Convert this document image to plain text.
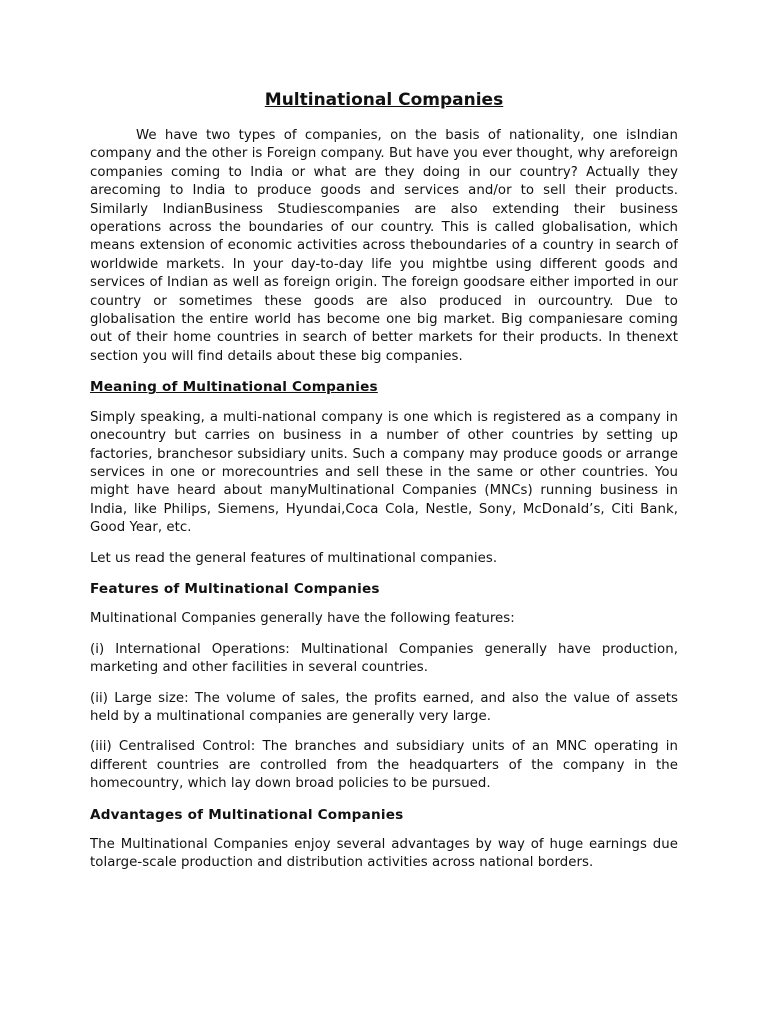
Multinational Companies

We have two types of companies, on the basis of nationality, one isIndian company and the other is Foreign company. But have you ever thought, why areforeign companies coming to India or what are they doing in our country? Actually they arecoming to India to produce goods and services and/or to sell their products. Similarly IndianBusiness Studiescompanies are also extending their business operations across the boundaries of our country. This is called globalisation, which means extension of economic activities across theboundaries of a country in search of worldwide markets. In your day-to-day life you mightbe using different goods and services of Indian as well as foreign origin. The foreign goodsare either imported in our country or sometimes these goods are also produced in ourcountry. Due to globalisation the entire world has become one big market. Big companiesare coming out of their home countries in search of better markets for their products. In thenext section you will find details about these big companies.

Meaning of Multinational Companies

Simply speaking, a multi-national company is one which is registered as a company in onecountry but carries on business in a number of other countries by setting up factories, branchesor subsidiary units. Such a company may produce goods or arrange services in one or morecountries and sell these in the same or other countries. You might have heard about manyMultinational Companies (MNCs) running business in India, like Philips, Siemens, Hyundai,Coca Cola, Nestle, Sony, McDonald’s, Citi Bank, Good Year, etc.

Let us read the general features of multinational companies.

Features of Multinational Companies

Multinational Companies generally have the following features:

(i) International Operations: Multinational Companies generally have production, marketing and other facilities in several countries.

(ii) Large size: The volume of sales, the profits earned, and also the value of assets held by a multinational companies are generally very large.

(iii) Centralised Control: The branches and subsidiary units of an MNC operating in different countries are controlled from the headquarters of the company in the homecountry, which lay down broad policies to be pursued.

Advantages of Multinational Companies

The Multinational Companies enjoy several advantages by way of huge earnings due tolarge-scale production and distribution activities across national borders.
